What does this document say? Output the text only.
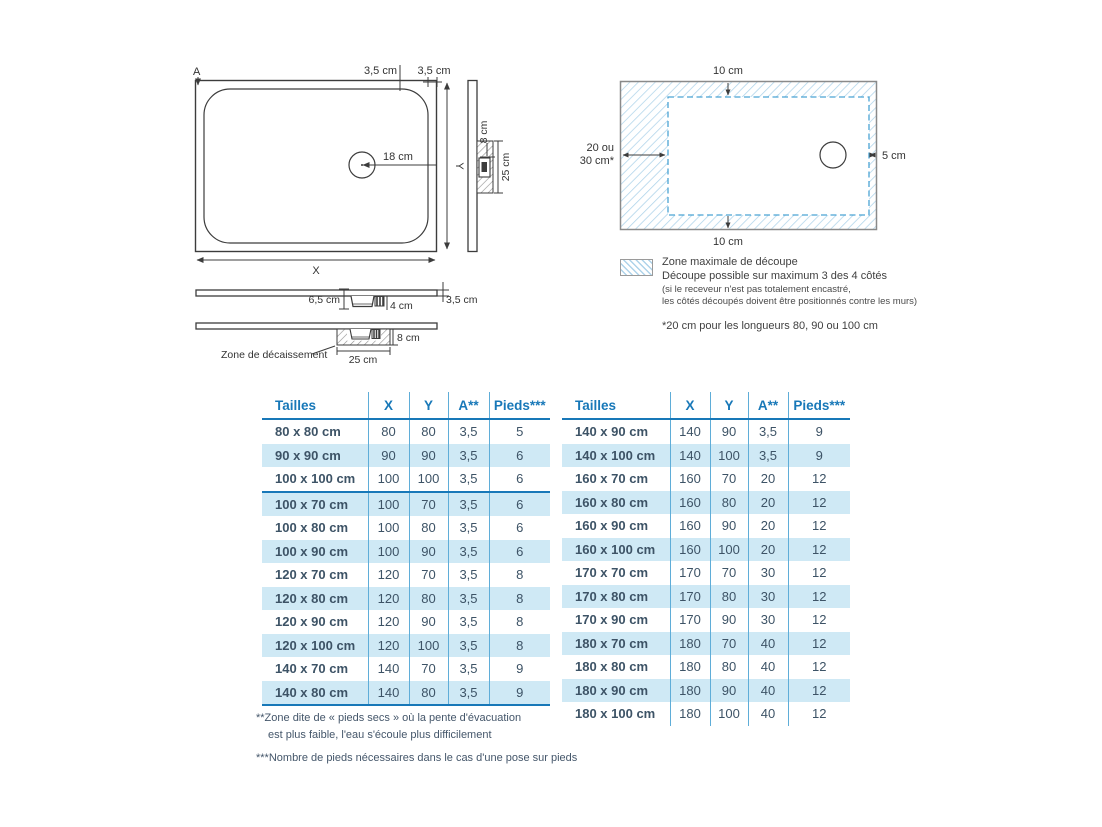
A	3,5 cm 3,5 cm
18 cm
Y
X
8 cm
25 cm
6,5 cm	4 cm	3,5 cm
8 cm
25 cm
Zone de décaissement
10 cm
10 cm
20 ou
30 cm*	5 cm
Zone maximale de découpe
Découpe possible sur maximum 3 des 4 côtés
(si le receveur n'est pas totalement encastré,
les côtés découpés doivent être positionnés contre les murs)
*20 cm pour les longueurs 80, 90 ou 100 cm
Tailles	X	Y	A**	Pieds***
80 x 80 cm	80	80	3,5	5
90 x 90 cm	90	90	3,5	6
100 x 100 cm	100	100	3,5	6
100 x 70 cm	100	70	3,5	6
100 x 80 cm	100	80	3,5	6
100 x 90 cm	100	90	3,5	6
120 x 70 cm	120	70	3,5	8
120 x 80 cm	120	80	3,5	8
120 x 90 cm	120	90	3,5	8
120 x 100 cm	120	100	3,5	8
140 x 70 cm	140	70	3,5	9
140 x 80 cm	140	80	3,5	9
Tailles	X	Y	A**	Pieds***
140 x 90 cm	140	90	3,5	9
140 x 100 cm	140	100	3,5	9
160 x 70 cm	160	70	20	12
160 x 80 cm	160	80	20	12
160 x 90 cm	160	90	20	12
160 x 100 cm	160	100	20	12
170 x 70 cm	170	70	30	12
170 x 80 cm	170	80	30	12
170 x 90 cm	170	90	30	12
180 x 70 cm	180	70	40	12
180 x 80 cm	180	80	40	12
180 x 90 cm	180	90	40	12
180 x 100 cm	180	100	40	12
**Zone dite de « pieds secs » où la pente d'évacuation
est plus faible, l'eau s'écoule plus difficilement
***Nombre de pieds nécessaires dans le cas d'une pose sur pieds
